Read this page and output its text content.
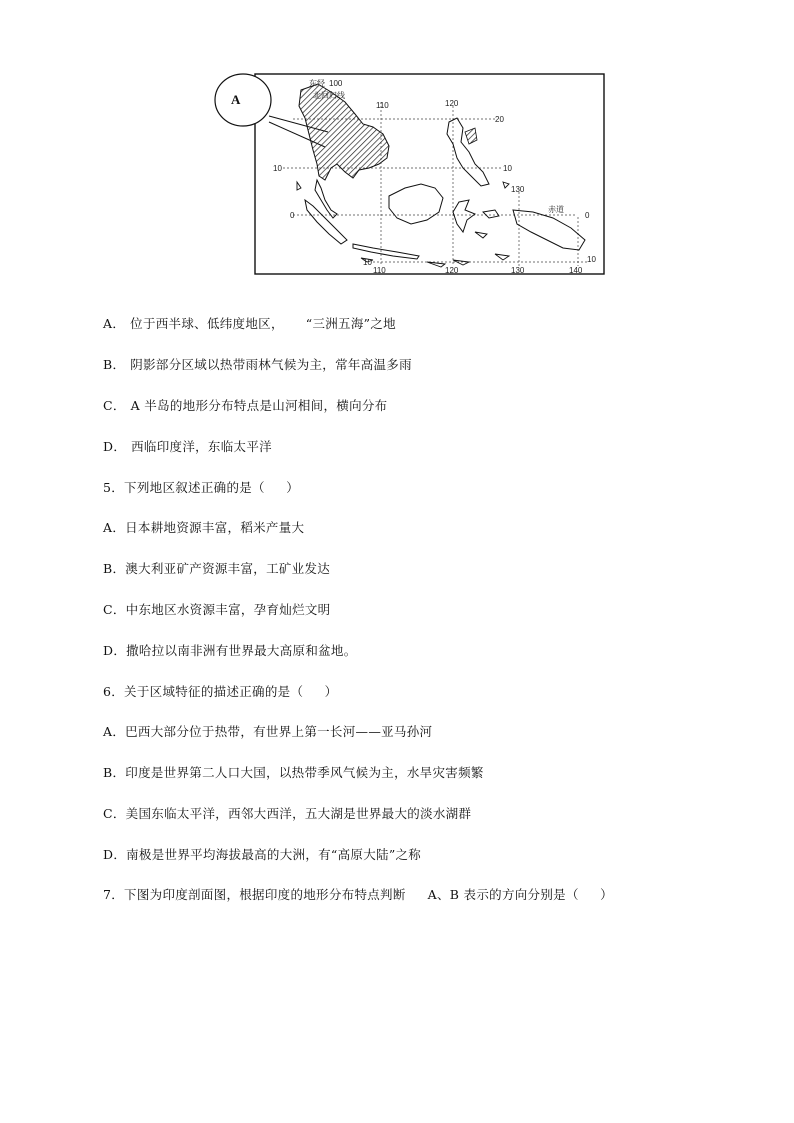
A
东经 100
北回归线
赤道
110	120
20
10
130
0
10
10
0
10
110	120	130	140
A． 位于西半球、低纬度地区， “三洲五海”之地
B． 阴影部分区域以热带雨林气候为主，常年高温多雨
C． A 半岛的地形分布特点是山河相间，横向分布
D． 西临印度洋，东临太平洋
5．下列地区叙述正确的是（　  ）
A．日本耕地资源丰富，稻米产量大
B．澳大利亚矿产资源丰富，工矿业发达
C．中东地区水资源丰富，孕育灿烂文明
D．撒哈拉以南非洲有世界最大高原和盆地。
6．关于区域特征的描述正确的是（　  ）
A．巴西大部分位于热带，有世界上第一长河——亚马孙河
B．印度是世界第二人口大国，以热带季风气候为主，水旱灾害频繁
C．美国东临太平洋，西邻大西洋，五大湖是世界最大的淡水湖群
D．南极是世界平均海拔最高的大洲，有“高原大陆”之称
7．下图为印度剖面图，根据印度的地形分布特点判断 A、B 表示的方向分别是（　  ）
